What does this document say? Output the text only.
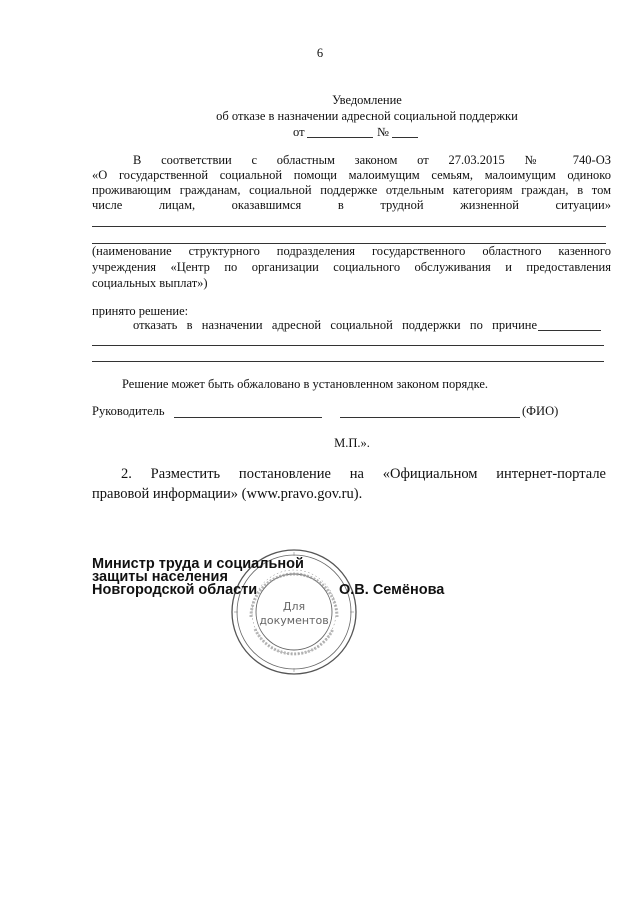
6
Уведомление
об отказе в назначении адресной социальной поддержки
от	№
В соответствии с областным законом от 27.03.2015 № 740-ОЗ
«О государственной социальной помощи малоимущим семьям, малоимущим одиноко
проживающим гражданам, социальной поддержке отдельным категориям граждан, в том
числе лицам, оказавшимся в трудной жизненной ситуации»
(наименование структурного подразделения государственного областного казенного
учреждения «Центр по организации социального обслуживания и предоставления
социальных выплат»)
принято решение:
отказать в назначении адресной социальной поддержки по причине
Решение может быть обжаловано в установленном законом порядке.
Руководитель	(ФИО)
М.П.».
2. Разместить постановление на «Официальном интернет-портале
правовой информации» (www.pravo.gov.ru).
Для
документов
Министр труда и социальной
защиты населения
Новгородской области	О.В. Семёнова
